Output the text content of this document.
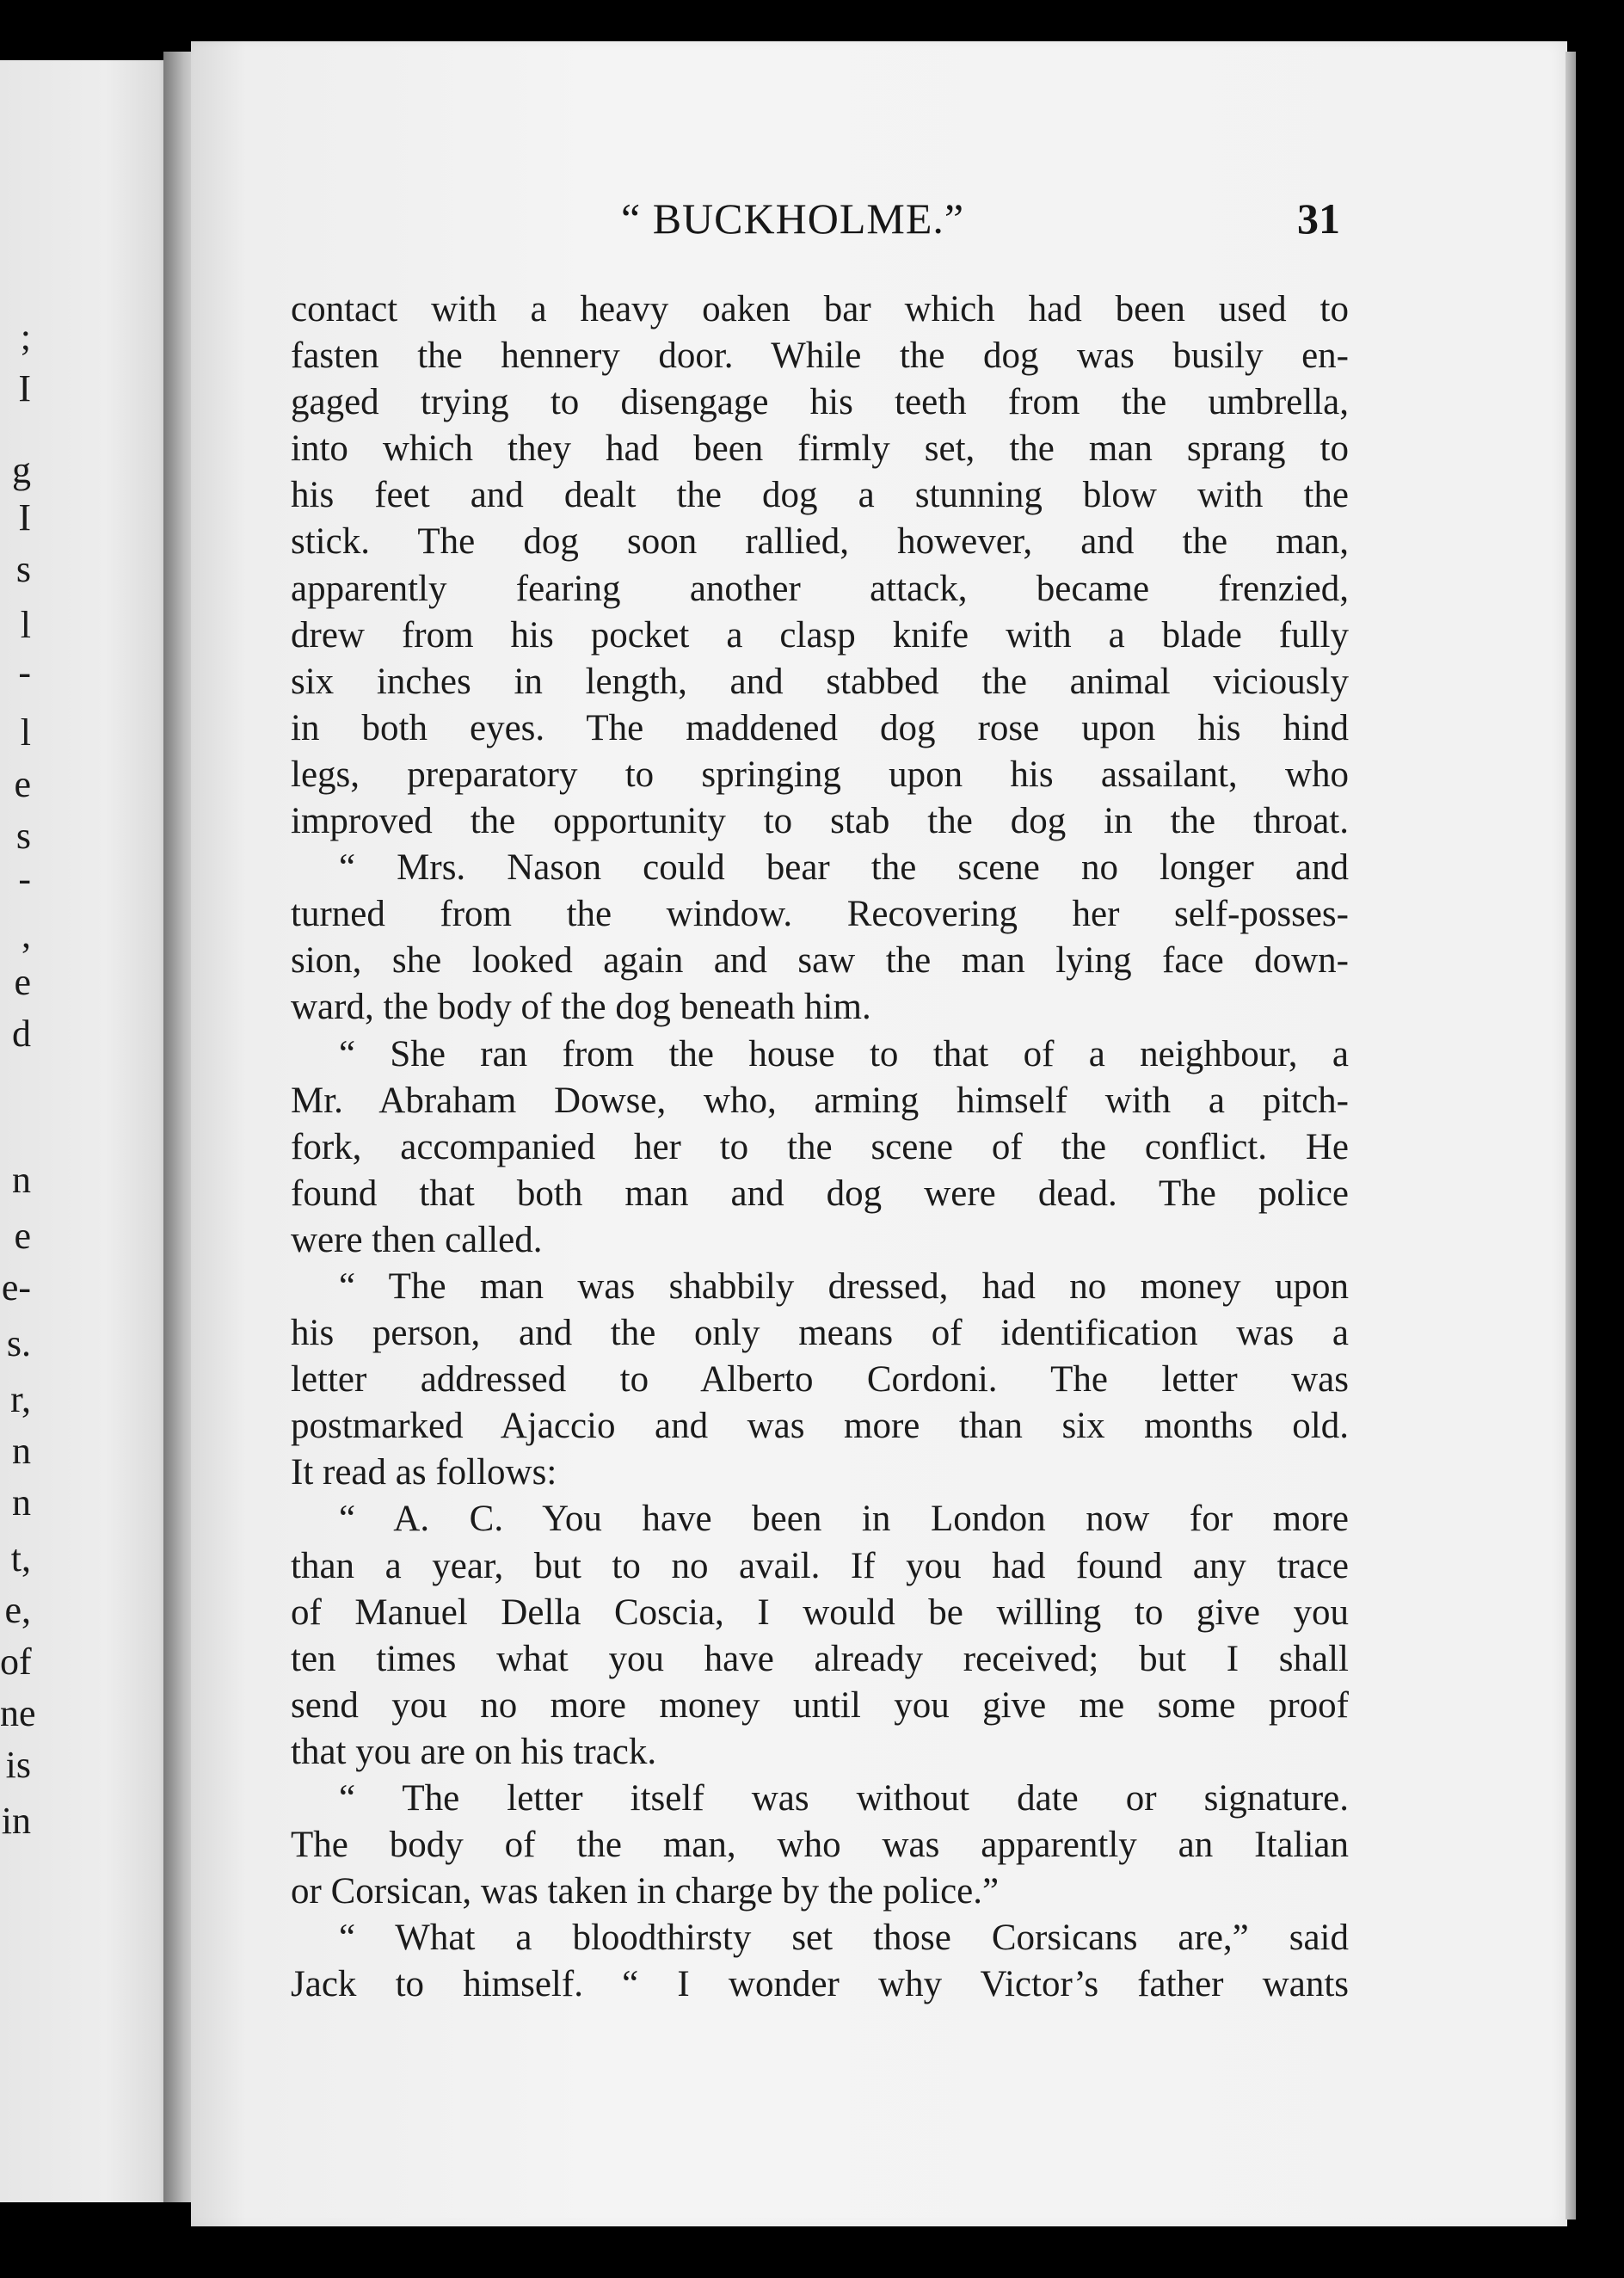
;
I
g
I
s
l
-
l
e
s
-
,
e
d
n
e
e-
s.
r,
n
n
t,
e,
of
ne
is
in
“ BUCKHOLME.”	31
contact with a heavy oaken bar which had been used to
fasten the hennery door. While the dog was busily en-
gaged trying to disengage his teeth from the umbrella,
into which they had been firmly set, the man sprang to
his feet and dealt the dog a stunning blow with the
stick. The dog soon rallied, however, and the man,
apparently fearing another attack, became frenzied,
drew from his pocket a clasp knife with a blade fully
six inches in length, and stabbed the animal viciously
in both eyes. The maddened dog rose upon his hind
legs, preparatory to springing upon his assailant, who
improved the opportunity to stab the dog in the throat.
“ Mrs. Nason could bear the scene no longer and
turned from the window. Recovering her self-posses-
sion, she looked again and saw the man lying face down-
ward, the body of the dog beneath him.
“ She ran from the house to that of a neighbour, a
Mr. Abraham Dowse, who, arming himself with a pitch-
fork, accompanied her to the scene of the conflict. He
found that both man and dog were dead. The police
were then called.
“ The man was shabbily dressed, had no money upon
his person, and the only means of identification was a
letter addressed to Alberto Cordoni. The letter was
postmarked Ajaccio and was more than six months old.
It read as follows:
“ A. C. You have been in London now for more
than a year, but to no avail. If you had found any trace
of Manuel Della Coscia, I would be willing to give you
ten times what you have already received; but I shall
send you no more money until you give me some proof
that you are on his track.
“ The letter itself was without date or signature.
The body of the man, who was apparently an Italian
or Corsican, was taken in charge by the police.”
“ What a bloodthirsty set those Corsicans are,” said
Jack to himself. “ I wonder why Victor’s father wants
